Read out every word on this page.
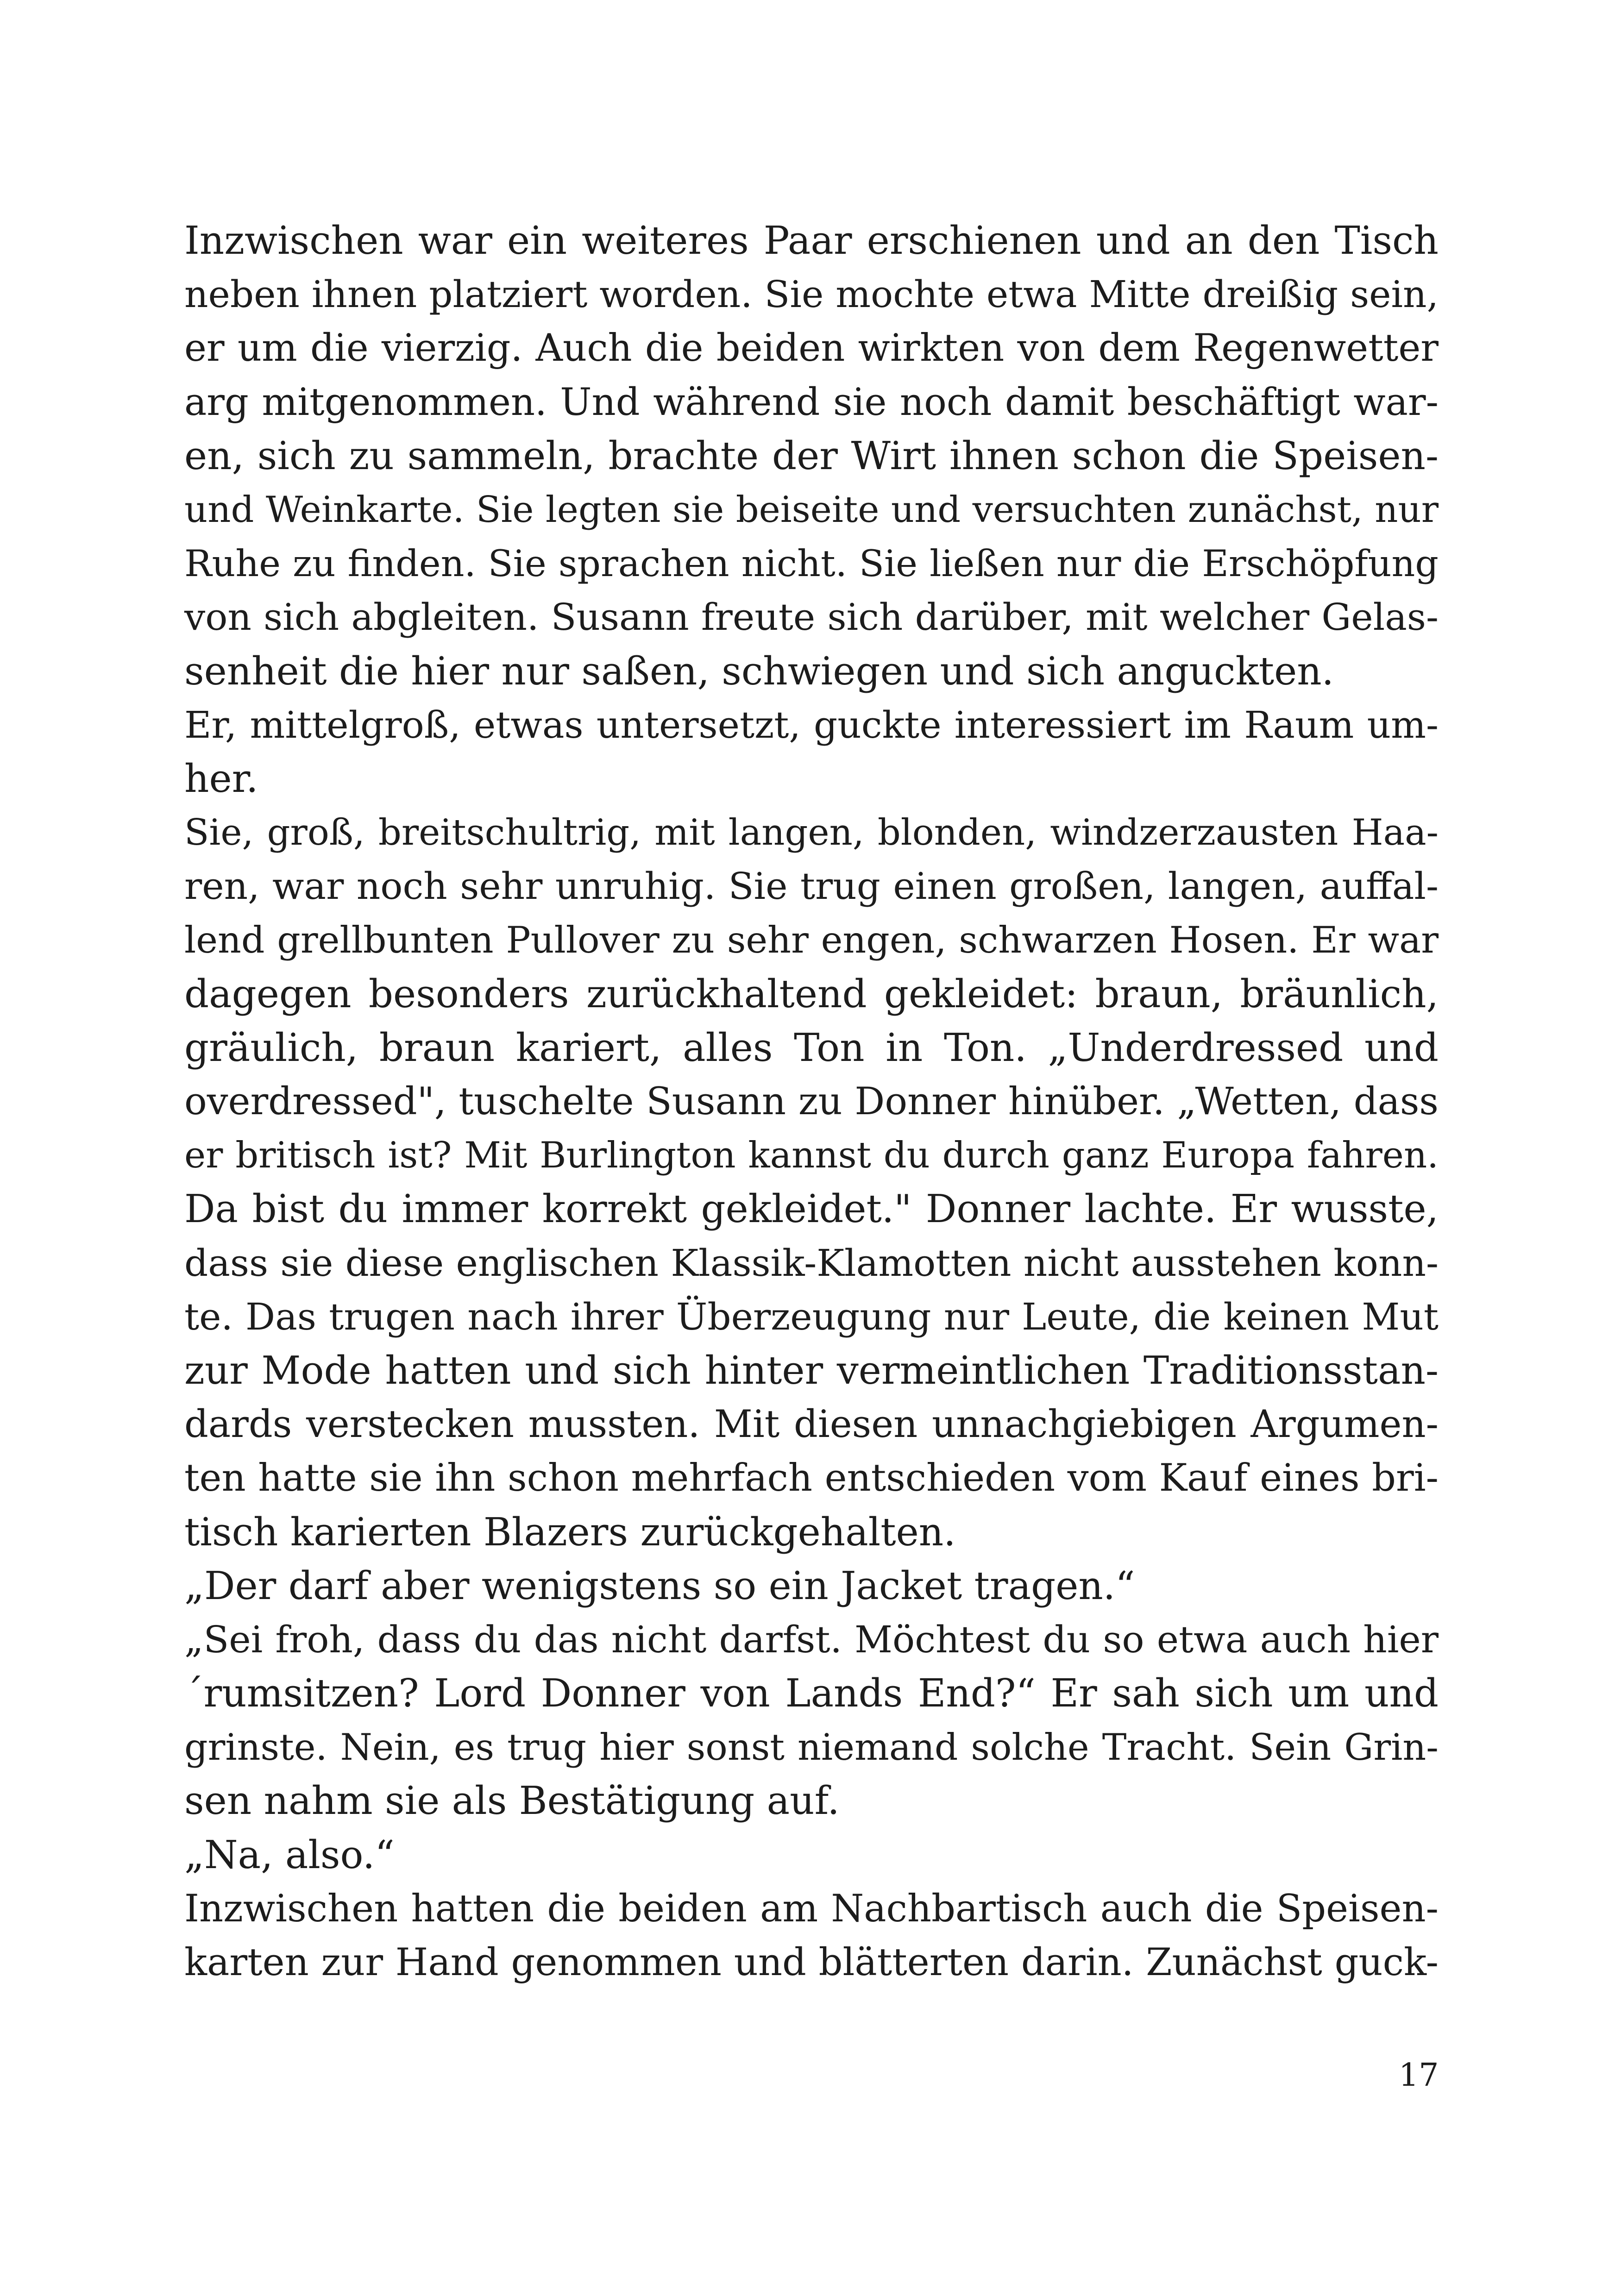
Inzwischen war ein weiteres Paar erschienen und an den Tisch
neben ihnen platziert worden. Sie mochte etwa Mitte dreißig sein,
er um die vierzig. Auch die beiden wirkten von dem Regenwetter
arg mitgenommen. Und während sie noch damit beschäftigt war-
en, sich zu sammeln, brachte der Wirt ihnen schon die Speisen-
und Weinkarte. Sie legten sie beiseite und versuchten zunächst, nur
Ruhe zu finden. Sie sprachen nicht. Sie ließen nur die Erschöpfung
von sich abgleiten. Susann freute sich darüber, mit welcher Gelas-
senheit die hier nur saßen, schwiegen und sich anguckten.
Er, mittelgroß, etwas untersetzt, guckte interessiert im Raum um-
her.
Sie, groß, breitschultrig, mit langen, blonden, windzerzausten Haa-
ren, war noch sehr unruhig. Sie trug einen großen, langen, auffal-
lend grellbunten Pullover zu sehr engen, schwarzen Hosen. Er war
dagegen besonders zurückhaltend gekleidet: braun, bräunlich,
gräulich, braun kariert, alles Ton in Ton. „Underdressed und
overdressed", tuschelte Susann zu Donner hinüber. „Wetten, dass
er britisch ist? Mit Burlington kannst du durch ganz Europa fahren.
Da bist du immer korrekt gekleidet." Donner lachte. Er wusste,
dass sie diese englischen Klassik-Klamotten nicht ausstehen konn-
te. Das trugen nach ihrer Überzeugung nur Leute, die keinen Mut
zur Mode hatten und sich hinter vermeintlichen Traditionsstan-
dards verstecken mussten. Mit diesen unnachgiebigen Argumen-
ten hatte sie ihn schon mehrfach entschieden vom Kauf eines bri-
tisch karierten Blazers zurückgehalten.
„Der darf aber wenigstens so ein Jacket tragen.“
„Sei froh, dass du das nicht darfst. Möchtest du so etwa auch hier
´rumsitzen? Lord Donner von Lands End?“ Er sah sich um und
grinste. Nein, es trug hier sonst niemand solche Tracht. Sein Grin-
sen nahm sie als Bestätigung auf.
„Na, also.“
Inzwischen hatten die beiden am Nachbartisch auch die Speisen-
karten zur Hand genommen und blätterten darin. Zunächst guck-
17
